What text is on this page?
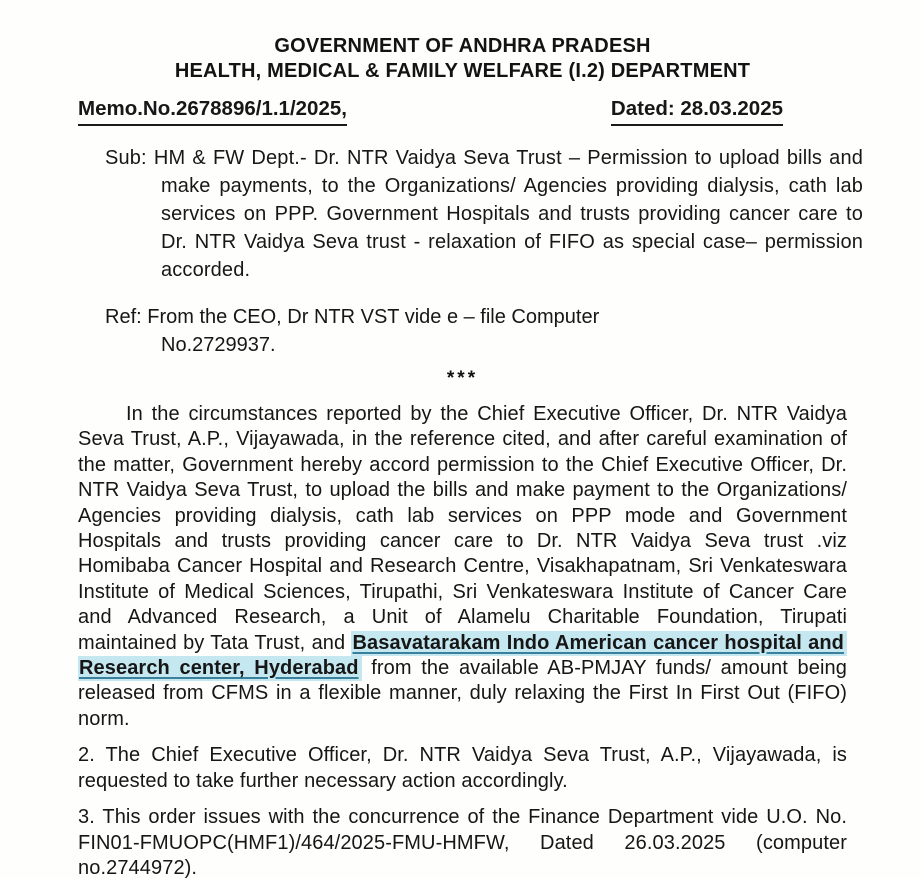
GOVERNMENT OF ANDHRA PRADESH
HEALTH, MEDICAL & FAMILY WELFARE (I.2) DEPARTMENT
Memo.No.2678896/1.1/2025,	Dated: 28.03.2025
Sub: HM & FW Dept.- Dr. NTR Vaidya Seva Trust – Permission to upload bills and make payments, to the Organizations/ Agencies providing dialysis, cath lab services on PPP. Government Hospitals and trusts providing cancer care to Dr. NTR Vaidya Seva trust - relaxation of FIFO as special case– permission accorded.
Ref: From the CEO, Dr NTR VST vide e – file Computer
No.2729937.
***

In the circumstances reported by the Chief Executive Officer, Dr. NTR Vaidya Seva Trust, A.P., Vijayawada, in the reference cited, and after careful examination of the matter, Government hereby accord permission to the Chief Executive Officer, Dr. NTR Vaidya Seva Trust, to upload the bills and make payment to the Organizations/ Agencies providing dialysis, cath lab services on PPP mode and Government Hospitals and trusts providing cancer care to Dr. NTR Vaidya Seva trust .viz Homibaba Cancer Hospital and Research Centre, Visakhapatnam, Sri Venkateswara Institute of Medical Sciences, Tirupathi, Sri Venkateswara Institute of Cancer Care and Advanced Research, a Unit of Alamelu Charitable Foundation, Tirupati maintained by Tata Trust, and Basavatarakam Indo American cancer hospital and Research center, Hyderabad from the available AB-PMJAY funds/ amount being released from CFMS in a flexible manner, duly relaxing the First In First Out (FIFO) norm.

2. The Chief Executive Officer, Dr. NTR Vaidya Seva Trust, A.P., Vijayawada, is requested to take further necessary action accordingly.

3. This order issues with the concurrence of the Finance Department vide U.O. No. FIN01-FMUOPC(HMF1)/464/2025-FMU-HMFW, Dated 26.03.2025 (computer no.2744972).
